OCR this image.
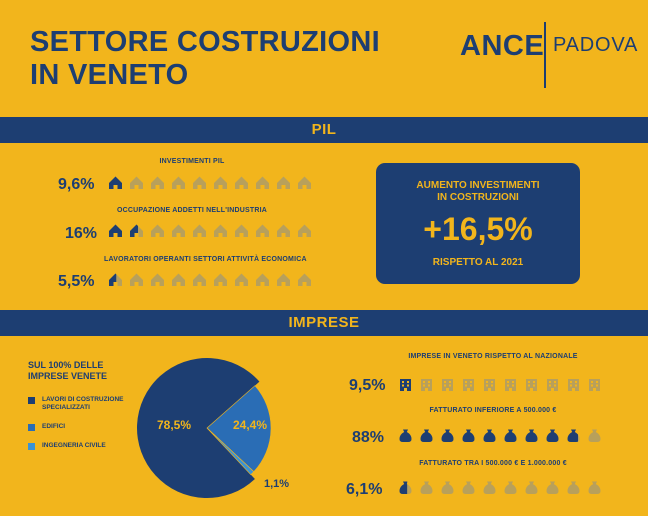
SETTORE COSTRUZIONI
IN VENETO
ANCE PADOVA
PIL
INVESTIMENTI PIL
9,6%
OCCUPAZIONE ADDETTI NELL'INDUSTRIA
16%
LAVORATORI OPERANTI SETTORI ATTIVITÀ ECONOMICA
5,5%
AUMENTO INVESTIMENTI
IN COSTRUZIONI
+16,5%
RISPETTO AL 2021
IMPRESE
SUL 100% DELLE
IMPRESE VENETE
LAVORI DI COSTRUZIONE
SPECIALIZZATI
EDIFICI
INGEGNERIA CIVILE
78,5%	24,4%
1,1%
IMPRESE IN VENETO RISPETTO AL NAZIONALE
9,5%
FATTURATO INFERIORE A 500.000 €
88%
FATTURATO TRA I 500.000 € E 1.000.000 €
6,1%
